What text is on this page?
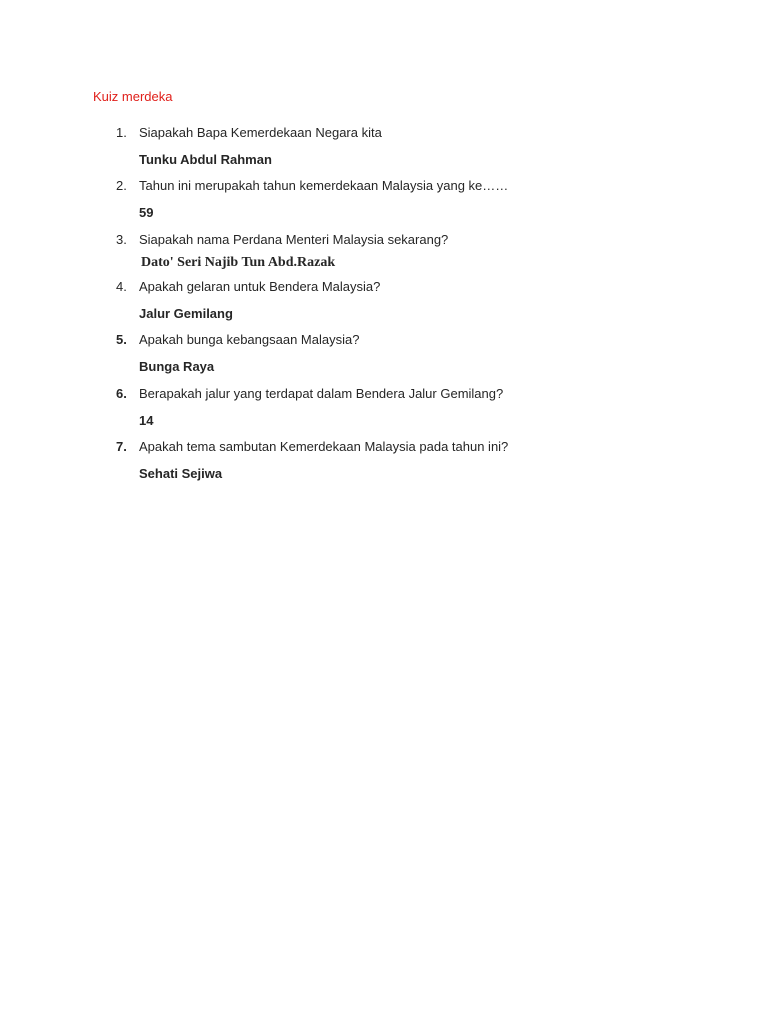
Kuiz merdeka
1. Siapakah Bapa Kemerdekaan Negara kita
Tunku Abdul Rahman
2. Tahun ini merupakah tahun kemerdekaan Malaysia yang ke……
59
3. Siapakah nama Perdana Menteri Malaysia sekarang?
Dato' Seri Najib Tun Abd.Razak
4. Apakah gelaran untuk Bendera Malaysia?
Jalur Gemilang
5. Apakah bunga kebangsaan Malaysia?
Bunga Raya
6. Berapakah jalur yang terdapat dalam Bendera Jalur Gemilang?
14
7. Apakah tema sambutan Kemerdekaan Malaysia pada tahun ini?
Sehati Sejiwa
